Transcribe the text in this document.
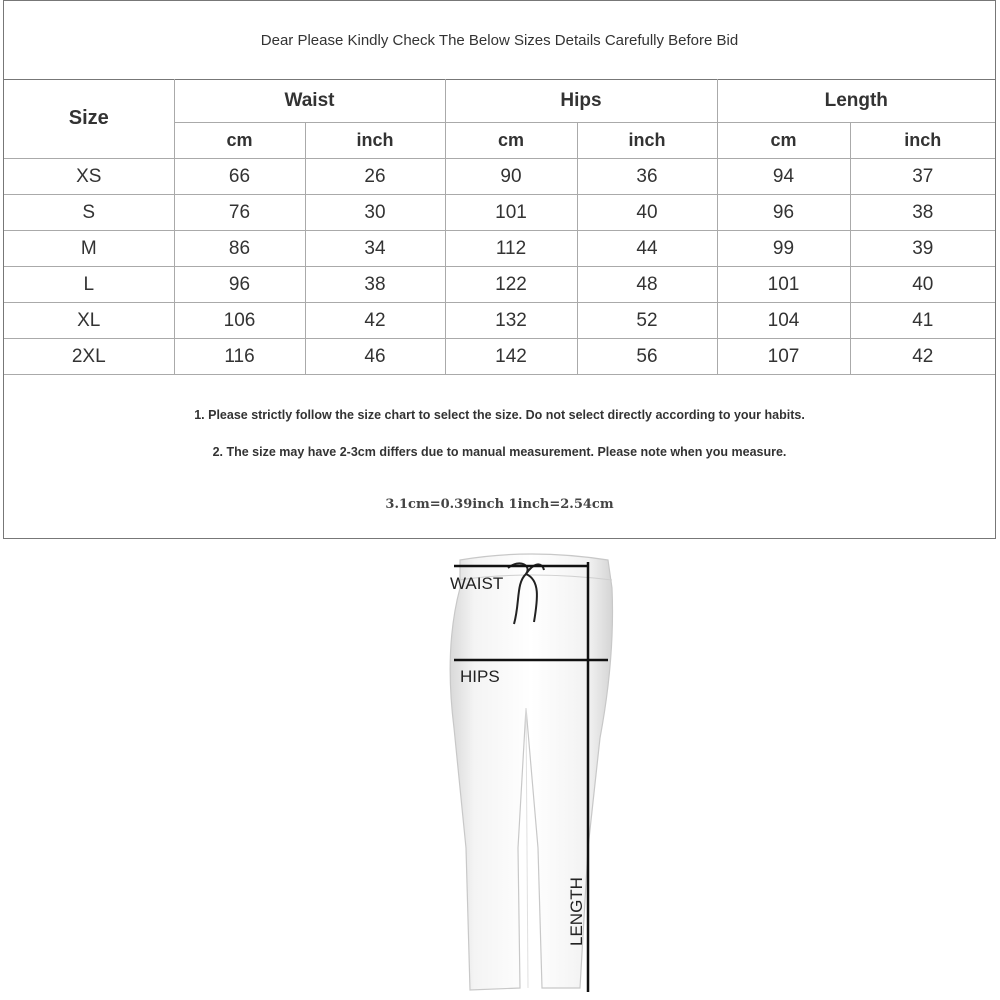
Dear Please Kindly Check The Below Sizes Details Carefully Before Bid
Size	Waist		Hips		Length	
	cm	inch	cm	inch	cm	inch
XS	66	26	90	36	94	37
S	76	30	101	40	96	38
M	86	34	112	44	99	39
L	96	38	122	48	101	40
XL	106	42	132	52	104	41
2XL	116	46	142	56	107	42
1. Please strictly follow the size chart to select the size. Do not select directly according to your habits.
2. The size may have 2-3cm differs due to manual measurement. Please note when you measure.
3.1cm=0.39inch 1inch=2.54cm
WAIST
HIPS
LENGTH
